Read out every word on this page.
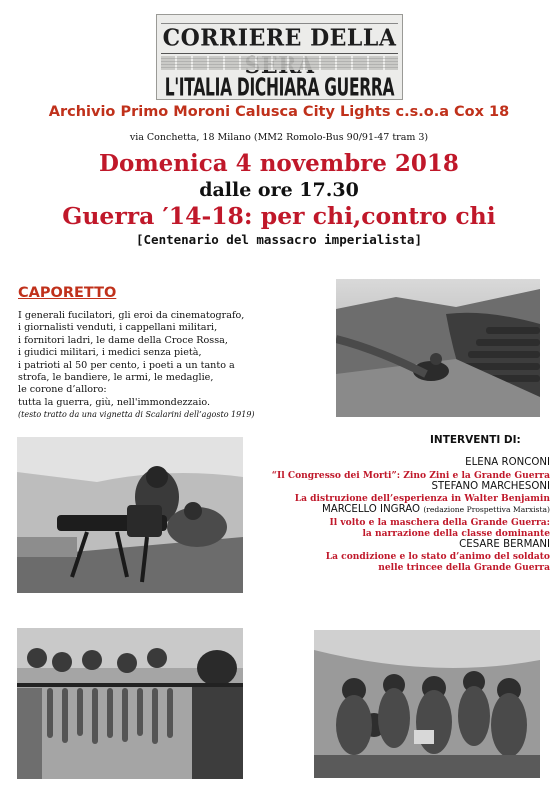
CORRIERE DELLA
L'ITALIA DICHIARA GUERRA
Archivio Primo Moroni Calusca City Lights c.s.o.a Cox 18
via Conchetta, 18 Milano (MM2 Romolo-Bus 90/91-47 tram 3)
Domenica 4 novembre 2018
dalle ore 17.30
Guerra ′14-18: per chi,contro chi
[Centenario del massacro imperialista]
CAPORETTO
I generali fucilatori, gli eroi da cinematografo,
i giornalisti venduti, i cappellani militari,
i fornitori ladri, le dame della Croce Rossa,
i giudici militari, i medici senza pietà,
i patrioti al 50 per cento, i poeti a un tanto a
strofa, le bandiere, le armi, le medaglie,
le corone d’alloro:
tutta la guerra, giù, nell'immondezzaio.
(testo tratto da una vignetta di Scalarini dell’agosto 1919)
INTERVENTI DI:
ELENA RONCONI
“Il Congresso dei Morti”: Zino Zini e la Grande Guerra
STEFANO MARCHESONI
La distruzione dell’esperienza in Walter Benjamin
MARCELLO INGRAO (redazione Prospettiva Marxista)
Il volto e la maschera della Grande Guerra:
la narrazione della classe dominante
CESARE BERMANI
La condizione e lo stato d’animo del soldato
nelle trincee della Grande Guerra
